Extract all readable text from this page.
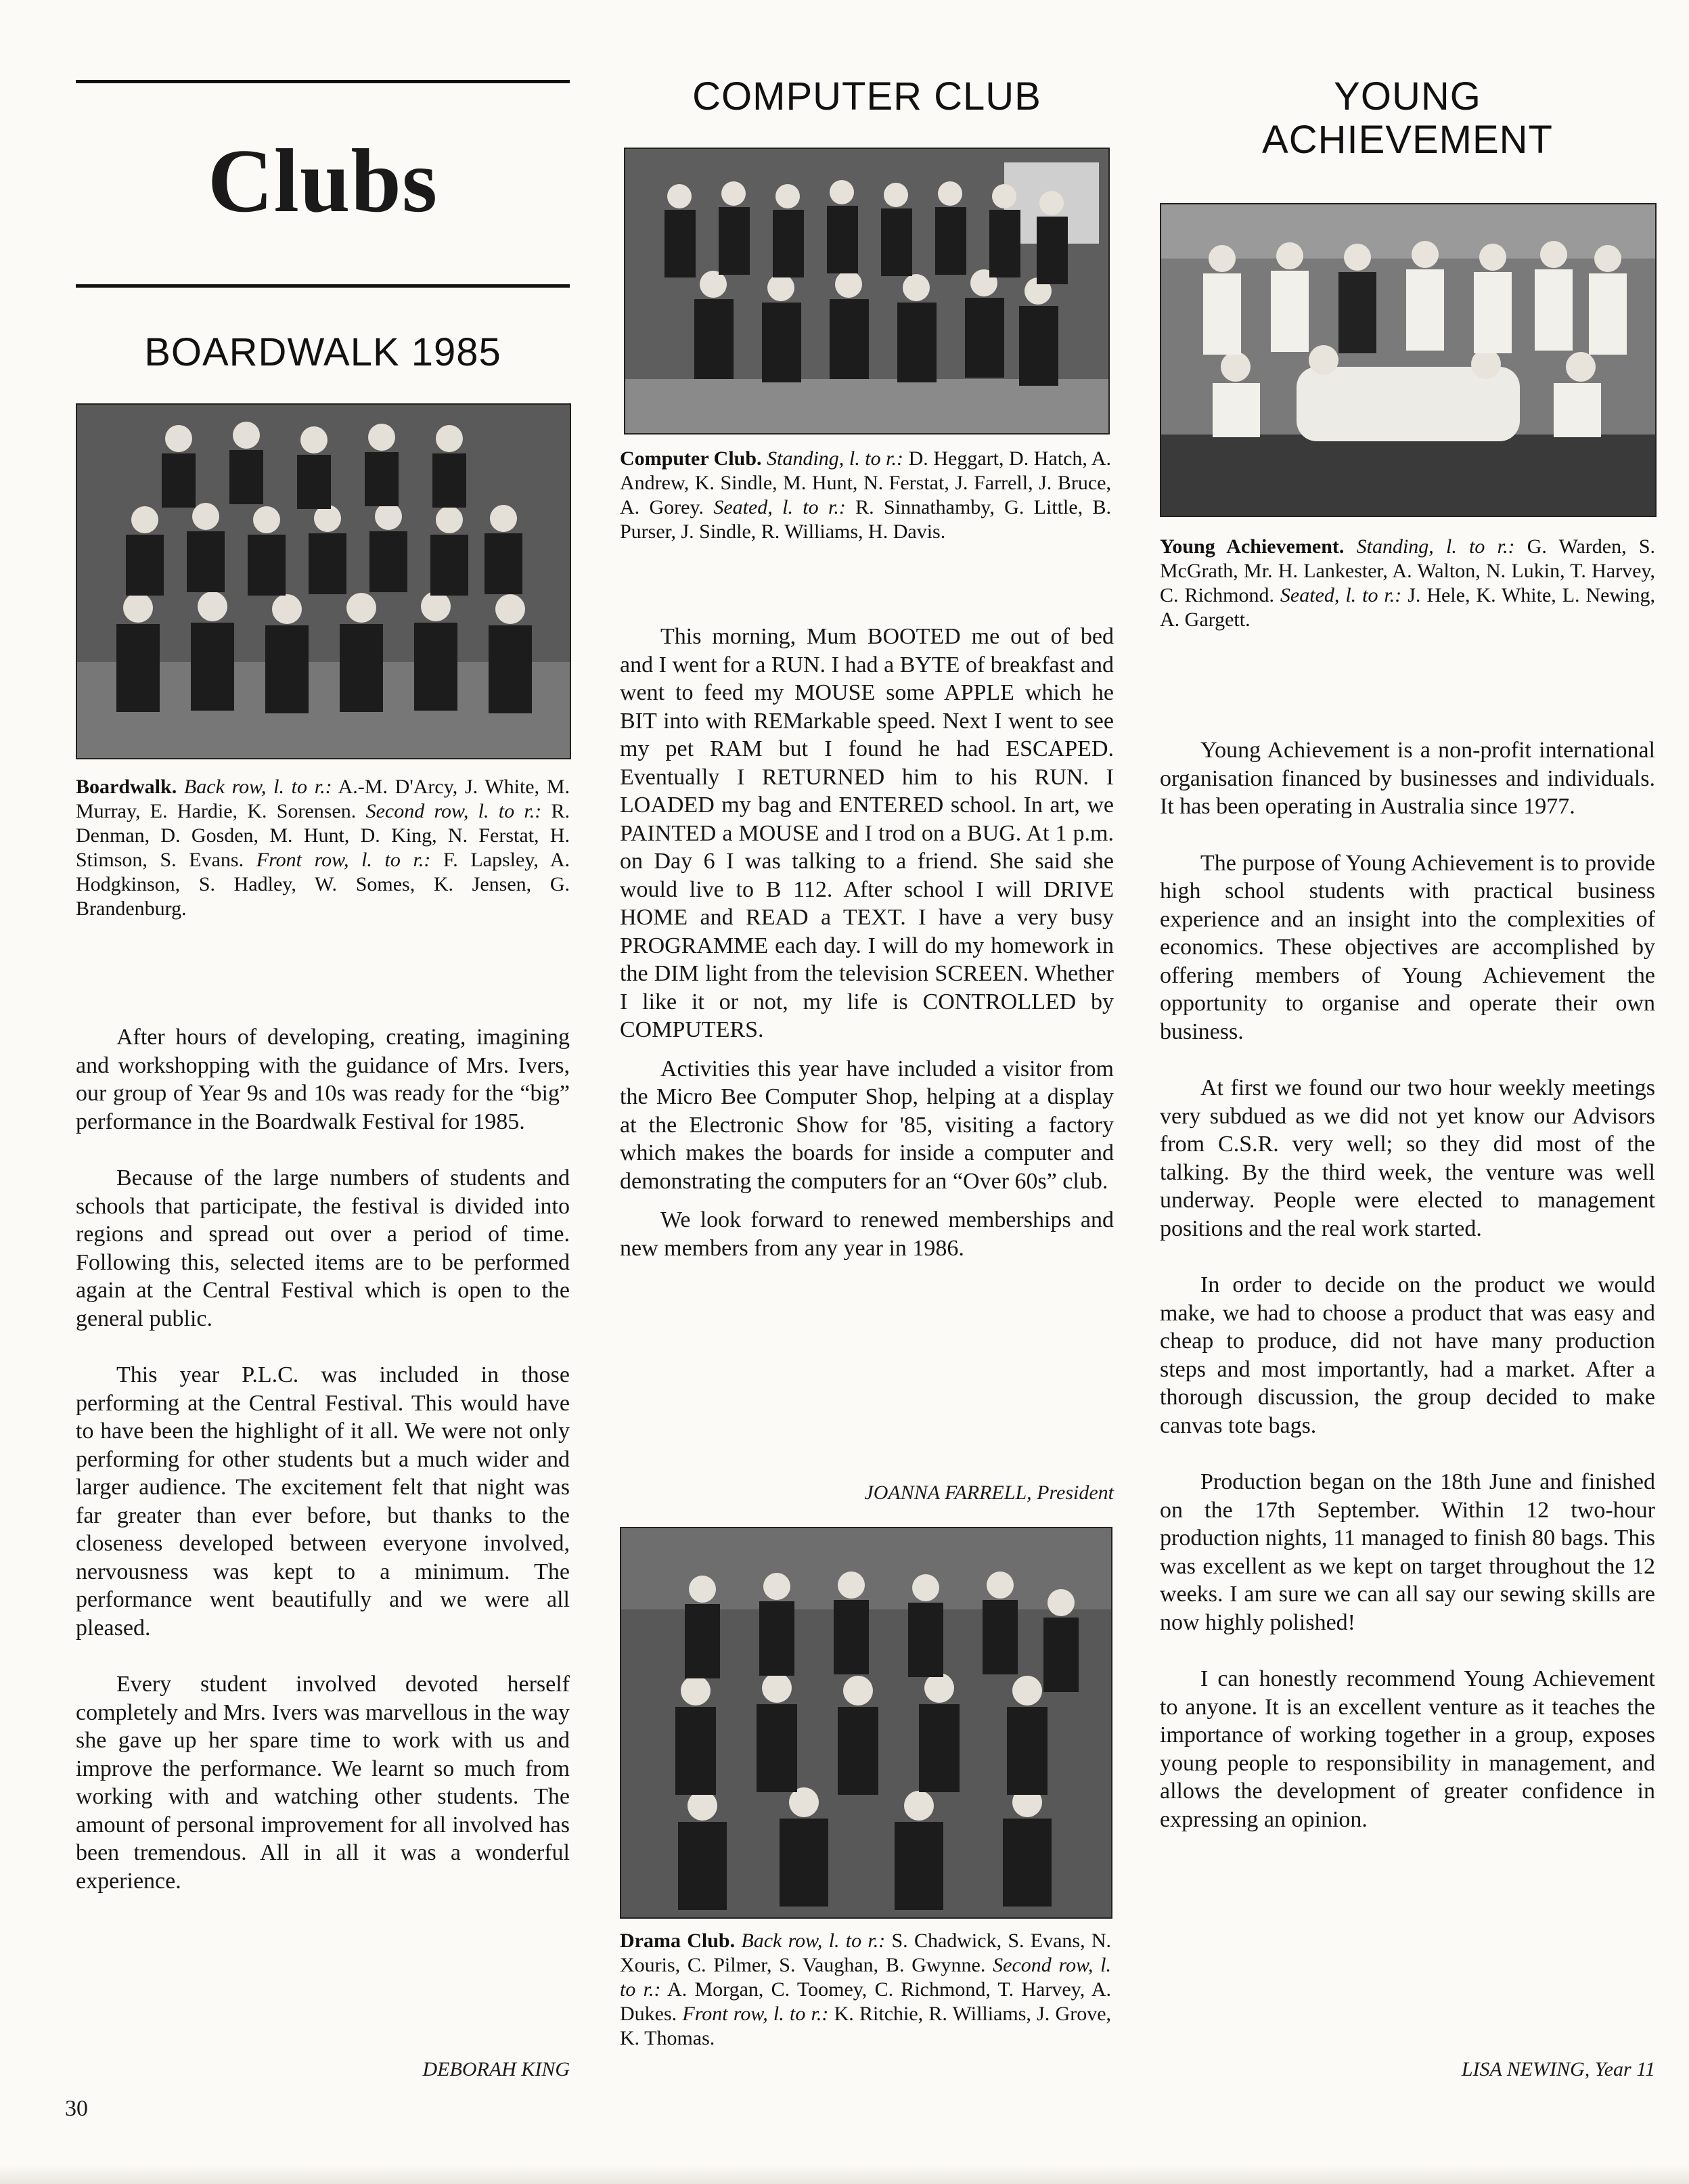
Clubs
BOARDWALK 1985
Boardwalk. Back row, l. to r.: A.-M. D'Arcy, J. White, M. Murray, E. Hardie, K. Sorensen. Second row, l. to r.: R. Denman, D. Gosden, M. Hunt, D. King, N. Ferstat, H. Stimson, S. Evans. Front row, l. to r.: F. Lapsley, A. Hodgkinson, S. Hadley, W. Somes, K. Jensen, G. Brandenburg.

After hours of developing, creating, imagining and workshopping with the guidance of Mrs. Ivers, our group of Year 9s and 10s was ready for the “big” performance in the Boardwalk Festival for 1985.

Because of the large numbers of students and schools that participate, the festival is divided into regions and spread out over a period of time. Following this, selected items are to be performed again at the Central Festival which is open to the general public.

This year P.L.C. was included in those performing at the Central Festival. This would have to have been the highlight of it all. We were not only performing for other students but a much wider and larger audience. The excitement felt that night was far greater than ever before, but thanks to the closeness developed between everyone involved, nervousness was kept to a minimum. The performance went beautifully and we were all pleased.

Every student involved devoted herself completely and Mrs. Ivers was marvellous in the way she gave up her spare time to work with us and improve the performance. We learnt so much from working with and watching other students. The amount of personal improvement for all involved has been tremendous. All in all it was a wonderful experience.

DEBORAH KING
COMPUTER CLUB
Computer Club. Standing, l. to r.: D. Heggart, D. Hatch, A. Andrew, K. Sindle, M. Hunt, N. Ferstat, J. Farrell, J. Bruce, A. Gorey. Seated, l. to r.: R. Sinnathamby, G. Little, B. Purser, J. Sindle, R. Williams, H. Davis.

This morning, Mum BOOTED me out of bed and I went for a RUN. I had a BYTE of breakfast and went to feed my MOUSE some APPLE which he BIT into with REMarkable speed. Next I went to see my pet RAM but I found he had ESCAPED. Eventually I RETURNED him to his RUN. I LOADED my bag and ENTERED school. In art, we PAINTED a MOUSE and I trod on a BUG. At 1 p.m. on Day 6 I was talking to a friend. She said she would live to B 112. After school I will DRIVE HOME and READ a TEXT. I have a very busy PROGRAMME each day. I will do my homework in the DIM light from the television SCREEN. Whether I like it or not, my life is CONTROLLED by COMPUTERS.

Activities this year have included a visitor from the Micro Bee Computer Shop, helping at a display at the Electronic Show for '85, visiting a factory which makes the boards for inside a computer and demonstrating the computers for an “Over 60s” club.

We look forward to renewed memberships and new members from any year in 1986.

JOANNA FARRELL, President
Drama Club. Back row, l. to r.: S. Chadwick, S. Evans, N. Xouris, C. Pilmer, S. Vaughan, B. Gwynne. Second row, l. to r.: A. Morgan, C. Toomey, C. Richmond, T. Harvey, A. Dukes. Front row, l. to r.: K. Ritchie, R. Williams, J. Grove, K. Thomas.
YOUNG
ACHIEVEMENT
Young Achievement. Standing, l. to r.: G. Warden, S. McGrath, Mr. H. Lankester, A. Walton, N. Lukin, T. Harvey, C. Richmond. Seated, l. to r.: J. Hele, K. White, L. Newing, A. Gargett.

Young Achievement is a non-profit international organisation financed by businesses and individuals. It has been operating in Australia since 1977.

The purpose of Young Achievement is to provide high school students with practical business experience and an insight into the complexities of economics. These objectives are accomplished by offering members of Young Achievement the opportunity to organise and operate their own business.

At first we found our two hour weekly meetings very subdued as we did not yet know our Advisors from C.S.R. very well; so they did most of the talking. By the third week, the venture was well underway. People were elected to management positions and the real work started.

In order to decide on the product we would make, we had to choose a product that was easy and cheap to produce, did not have many production steps and most importantly, had a market. After a thorough discussion, the group decided to make canvas tote bags.

Production began on the 18th June and finished on the 17th September. Within 12 two-hour production nights, 11 managed to finish 80 bags. This was excellent as we kept on target throughout the 12 weeks. I am sure we can all say our sewing skills are now highly polished!

I can honestly recommend Young Achievement to anyone. It is an excellent venture as it teaches the importance of working together in a group, exposes young people to responsibility in management, and allows the development of greater confidence in expressing an opinion.

LISA NEWING, Year 11
30
